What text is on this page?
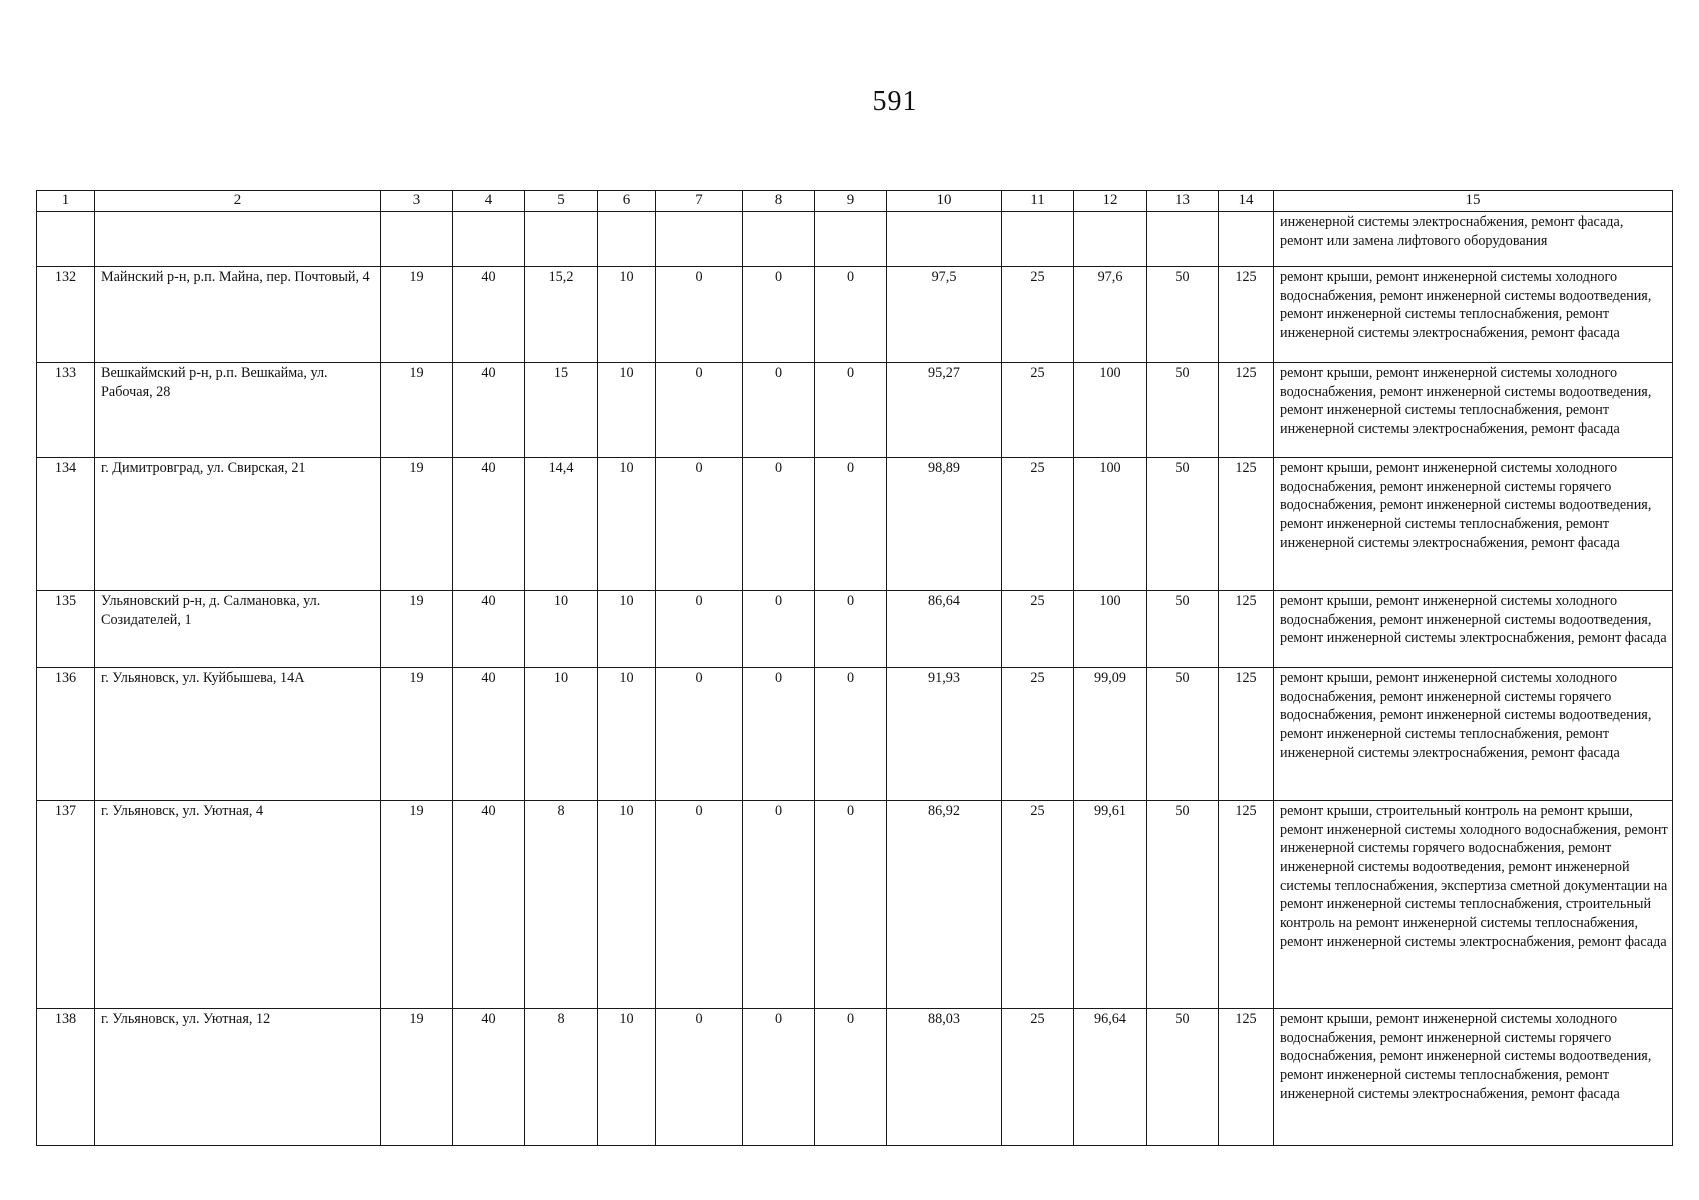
591
1	2	3	4	5	6	7	8	9	10	11	12	13	14	15
														инженерной системы электроснабжения, ремонт фасада, ремонт или замена лифтового оборудования
132	Майнский р-н, р.п. Майна, пер. Почтовый, 4	19	40	15,2	10	0	0	0	97,5	25	97,6	50	125	ремонт крыши, ремонт инженерной системы холодного водоснабжения, ремонт инженерной системы водоотведения, ремонт инженерной системы теплоснабжения, ремонт инженерной системы электроснабжения, ремонт фасада
133	Вешкаймский р-н, р.п. Вешкайма, ул. Рабочая, 28	19	40	15	10	0	0	0	95,27	25	100	50	125	ремонт крыши, ремонт инженерной системы холодного водоснабжения, ремонт инженерной системы водоотведения, ремонт инженерной системы теплоснабжения, ремонт инженерной системы электроснабжения, ремонт фасада
134	г. Димитровград, ул. Свирская, 21	19	40	14,4	10	0	0	0	98,89	25	100	50	125	ремонт крыши, ремонт инженерной системы холодного водоснабжения, ремонт инженерной системы горячего водоснабжения, ремонт инженерной системы водоотведения, ремонт инженерной системы теплоснабжения, ремонт инженерной системы электроснабжения, ремонт фасада
135	Ульяновский р-н, д. Салмановка, ул. Созидателей, 1	19	40	10	10	0	0	0	86,64	25	100	50	125	ремонт крыши, ремонт инженерной системы холодного водоснабжения, ремонт инженерной системы водоотведения, ремонт инженерной системы электроснабжения, ремонт фасада
136	г. Ульяновск, ул. Куйбышева, 14А	19	40	10	10	0	0	0	91,93	25	99,09	50	125	ремонт крыши, ремонт инженерной системы холодного водоснабжения, ремонт инженерной системы горячего водоснабжения, ремонт инженерной системы водоотведения, ремонт инженерной системы теплоснабжения, ремонт инженерной системы электроснабжения, ремонт фасада
137	г. Ульяновск, ул. Уютная, 4	19	40	8	10	0	0	0	86,92	25	99,61	50	125	ремонт крыши, строительный контроль на ремонт крыши, ремонт инженерной системы холодного водоснабжения, ремонт инженерной системы горячего водоснабжения, ремонт инженерной системы водоотведения, ремонт инженерной системы теплоснабжения, экспертиза сметной документации на ремонт инженерной системы теплоснабжения, строительный контроль на ремонт инженерной системы теплоснабжения, ремонт инженерной системы электроснабжения, ремонт фасада
138	г. Ульяновск, ул. Уютная, 12	19	40	8	10	0	0	0	88,03	25	96,64	50	125	ремонт крыши, ремонт инженерной системы холодного водоснабжения, ремонт инженерной системы горячего водоснабжения, ремонт инженерной системы водоотведения, ремонт инженерной системы теплоснабжения, ремонт инженерной системы электроснабжения, ремонт фасада
